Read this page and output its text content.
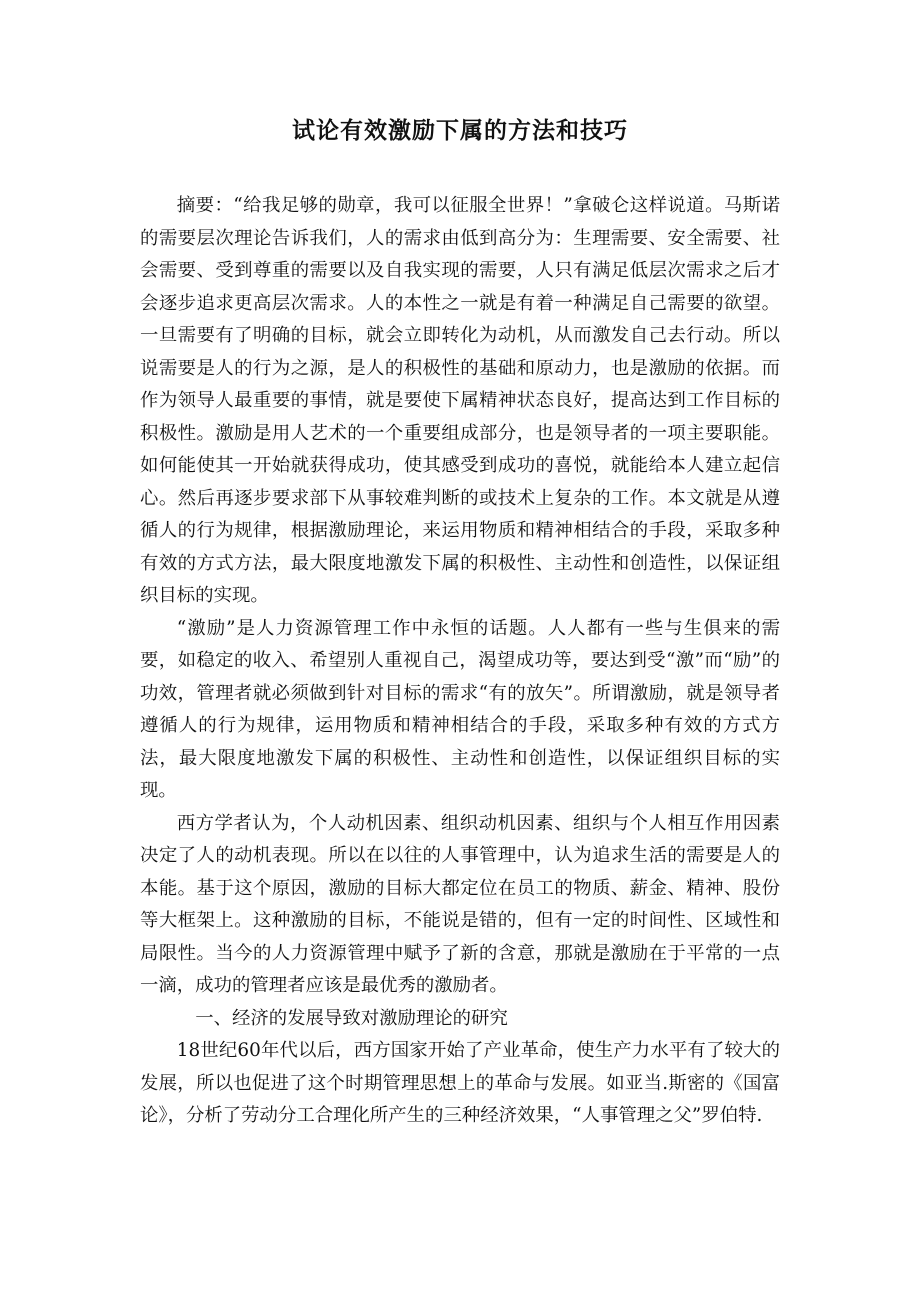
试论有效激励下属的方法和技巧

摘要：“给我足够的勋章，我可以征服全世界！”拿破仑这样说道。马斯诺的需要层次理论告诉我们，人的需求由低到高分为：生理需要、安全需要、社会需要、受到尊重的需要以及自我实现的需要，人只有满足低层次需求之后才会逐步追求更高层次需求。人的本性之一就是有着一种满足自己需要的欲望。一旦需要有了明确的目标，就会立即转化为动机，从而激发自己去行动。所以说需要是人的行为之源，是人的积极性的基础和原动力，也是激励的依据。而作为领导人最重要的事情，就是要使下属精神状态良好，提高达到工作目标的积极性。激励是用人艺术的一个重要组成部分，也是领导者的一项主要职能。如何能使其一开始就获得成功，使其感受到成功的喜悦，就能给本人建立起信心。然后再逐步要求部下从事较难判断的或技术上复杂的工作。本文就是从遵循人的行为规律，根据激励理论，来运用物质和精神相结合的手段，采取多种有效的方式方法，最大限度地激发下属的积极性、主动性和创造性，以保证组织目标的实现。

“激励”是人力资源管理工作中永恒的话题。人人都有一些与生俱来的需要，如稳定的收入、希望别人重视自己，渴望成功等，要达到受“激”而“励”的功效，管理者就必须做到针对目标的需求“有的放矢”。所谓激励，就是领导者遵循人的行为规律，运用物质和精神相结合的手段，采取多种有效的方式方法，最大限度地激发下属的积极性、主动性和创造性，以保证组织目标的实现。

西方学者认为，个人动机因素、组织动机因素、组织与个人相互作用因素决定了人的动机表现。所以在以往的人事管理中，认为追求生活的需要是人的本能。基于这个原因，激励的目标大都定位在员工的物质、薪金、精神、股份等大框架上。这种激励的目标，不能说是错的，但有一定的时间性、区域性和局限性。当今的人力资源管理中赋予了新的含意，那就是激励在于平常的一点一滴，成功的管理者应该是最优秀的激励者。

一、经济的发展导致对激励理论的研究

18世纪60年代以后，西方国家开始了产业革命，使生产力水平有了较大的发展，所以也促进了这个时期管理思想上的革命与发展。如亚当.斯密的《国富论》，分析了劳动分工合理化所产生的三种经济效果，“人事管理之父”罗伯特.
